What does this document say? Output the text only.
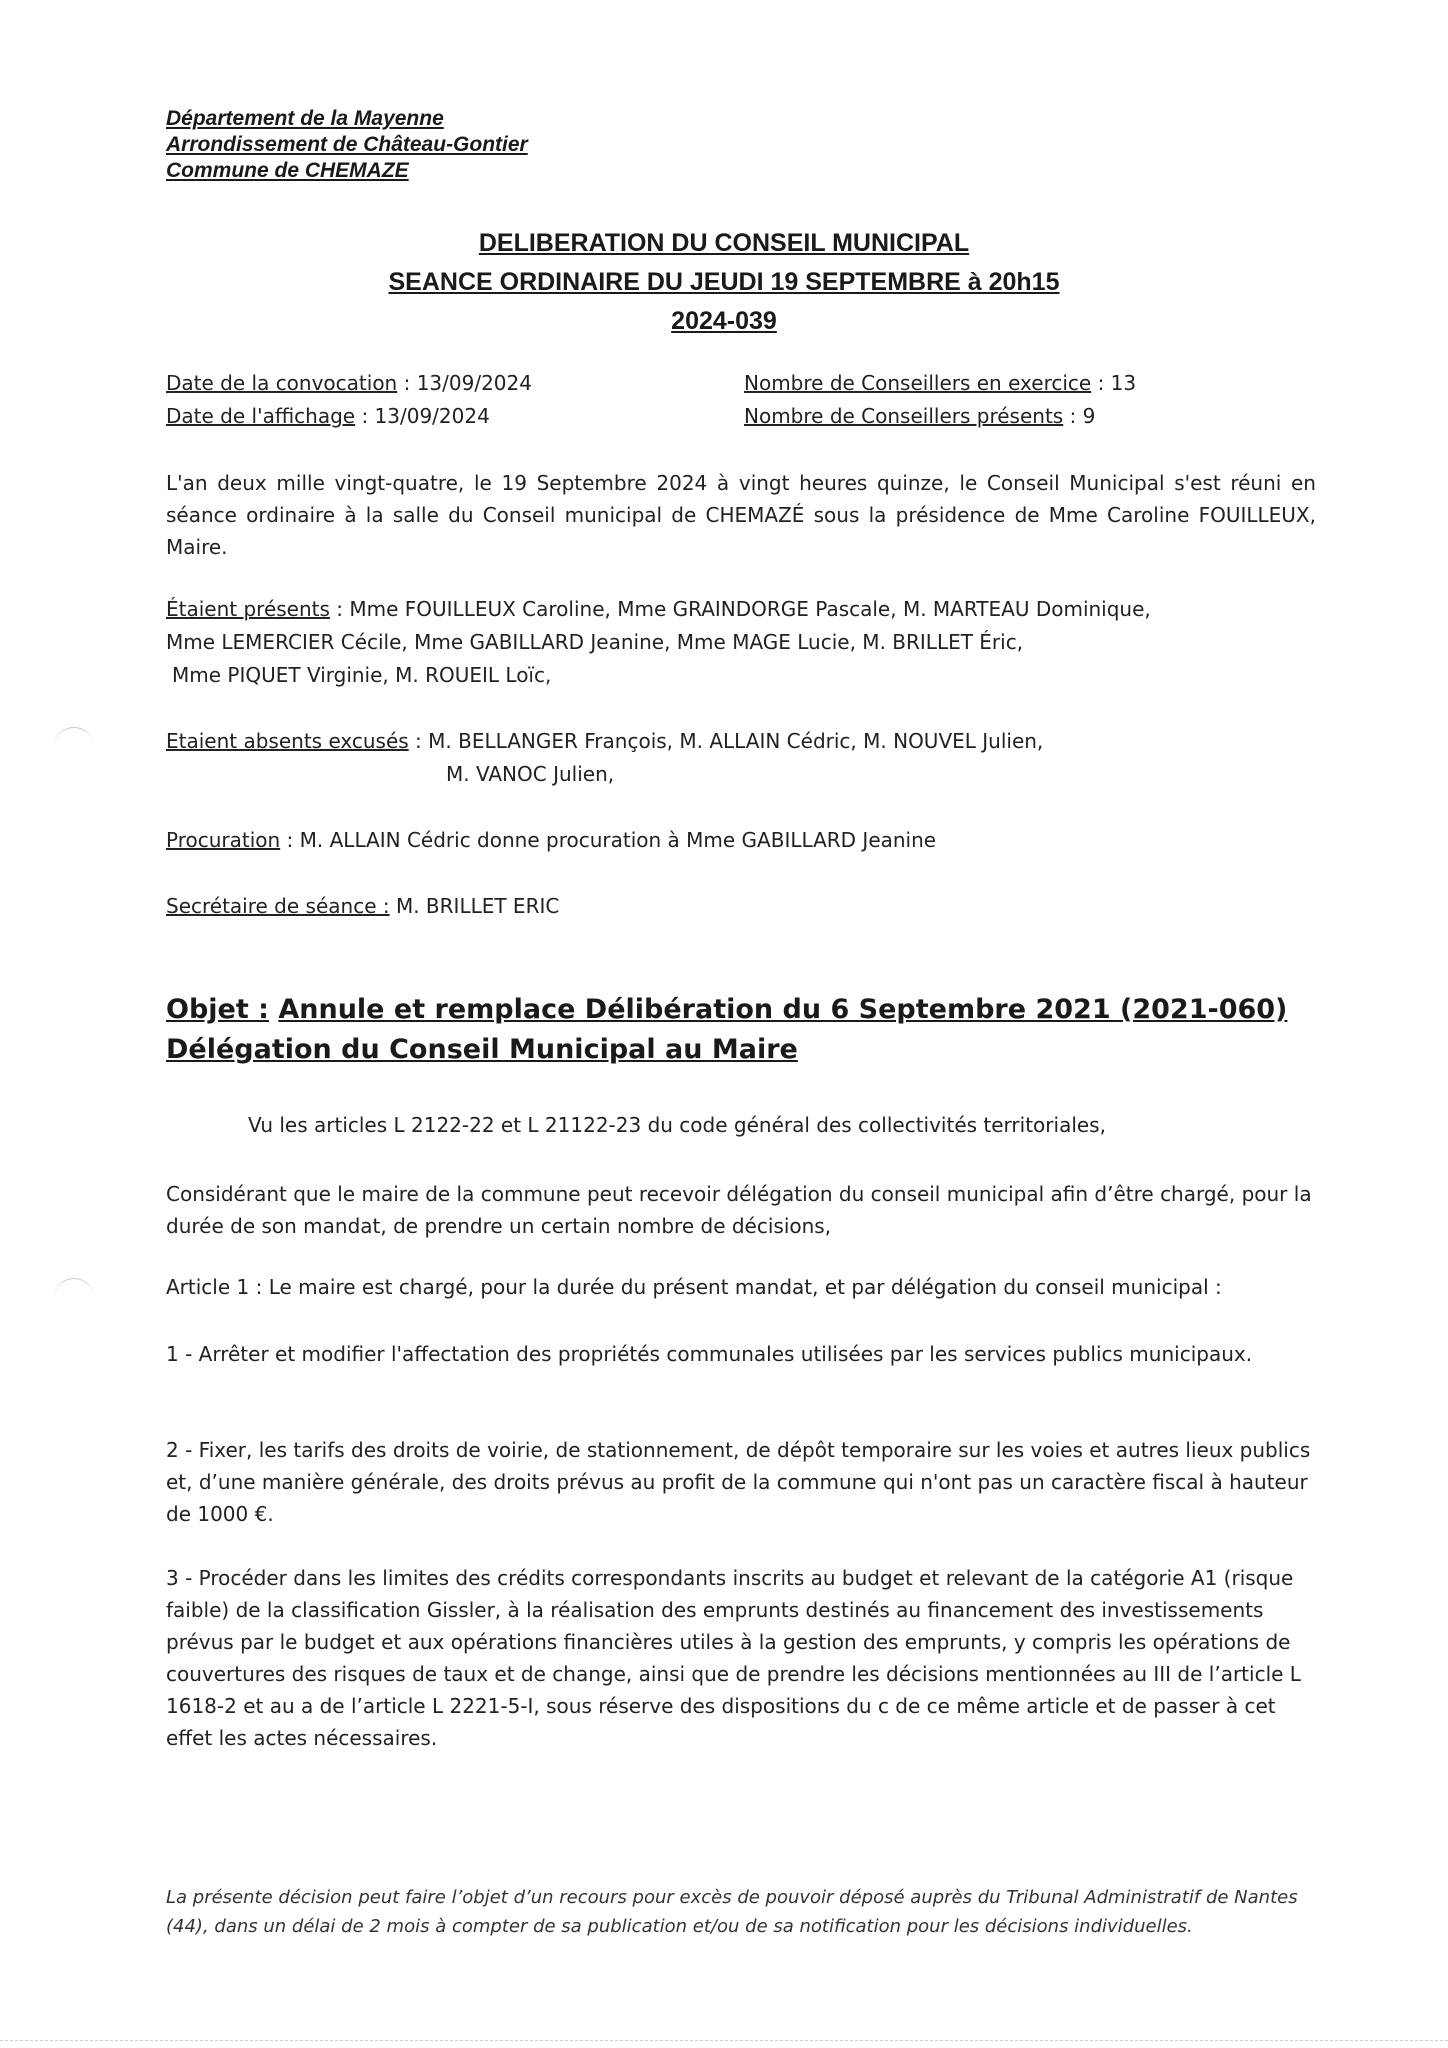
Département de la Mayenne
Arrondissement de Château-Gontier
Commune de CHEMAZE
DELIBERATION DU CONSEIL MUNICIPAL
SEANCE ORDINAIRE DU JEUDI 19 SEPTEMBRE à 20h15
2024-039
Date de la convocation : 13/09/2024
Date de l'affichage : 13/09/2024
Nombre de Conseillers en exercice : 13
Nombre de Conseillers présents : 9
L'an deux mille vingt-quatre, le 19 Septembre 2024 à vingt heures quinze, le Conseil Municipal s'est réuni en séance ordinaire à la salle du Conseil municipal de CHEMAZÉ sous la présidence de Mme Caroline FOUILLEUX, Maire.
Étaient présents : Mme FOUILLEUX Caroline, Mme GRAINDORGE Pascale, M. MARTEAU Dominique,
Mme LEMERCIER Cécile, Mme GABILLARD Jeanine, Mme MAGE Lucie, M. BRILLET Éric,
Mme PIQUET Virginie, M. ROUEIL Loïc,
Etaient absents excusés : M. BELLANGER François, M. ALLAIN Cédric, M. NOUVEL Julien,
M. VANOC Julien,
Procuration : M. ALLAIN Cédric donne procuration à Mme GABILLARD Jeanine
Secrétaire de séance : M. BRILLET ERIC
Objet : Annule et remplace Délibération du 6 Septembre 2021 (2021-060)
Délégation du Conseil Municipal au Maire
Vu les articles L 2122-22 et L 21122-23 du code général des collectivités territoriales,
Considérant que le maire de la commune peut recevoir délégation du conseil municipal afin d’être chargé, pour la durée de son mandat, de prendre un certain nombre de décisions,
Article 1 : Le maire est chargé, pour la durée du présent mandat, et par délégation du conseil municipal :
1 - Arrêter et modifier l'affectation des propriétés communales utilisées par les services publics municipaux.
2 - Fixer, les tarifs des droits de voirie, de stationnement, de dépôt temporaire sur les voies et autres lieux publics et, d’une manière générale, des droits prévus au profit de la commune qui n'ont pas un caractère fiscal à hauteur de 1000 €.
3 - Procéder dans les limites des crédits correspondants inscrits au budget et relevant de la catégorie A1 (risque faible) de la classification Gissler, à la réalisation des emprunts destinés au financement des investissements prévus par le budget et aux opérations financières utiles à la gestion des emprunts, y compris les opérations de couvertures des risques de taux et de change, ainsi que de prendre les décisions mentionnées au III de l’article L 1618-2 et au a de l’article L 2221-5-I, sous réserve des dispositions du c de ce même article et de passer à cet effet les actes nécessaires.
La présente décision peut faire l’objet d’un recours pour excès de pouvoir déposé auprès du Tribunal Administratif de Nantes (44), dans un délai de 2 mois à compter de sa publication et/ou de sa notification pour les décisions individuelles.
